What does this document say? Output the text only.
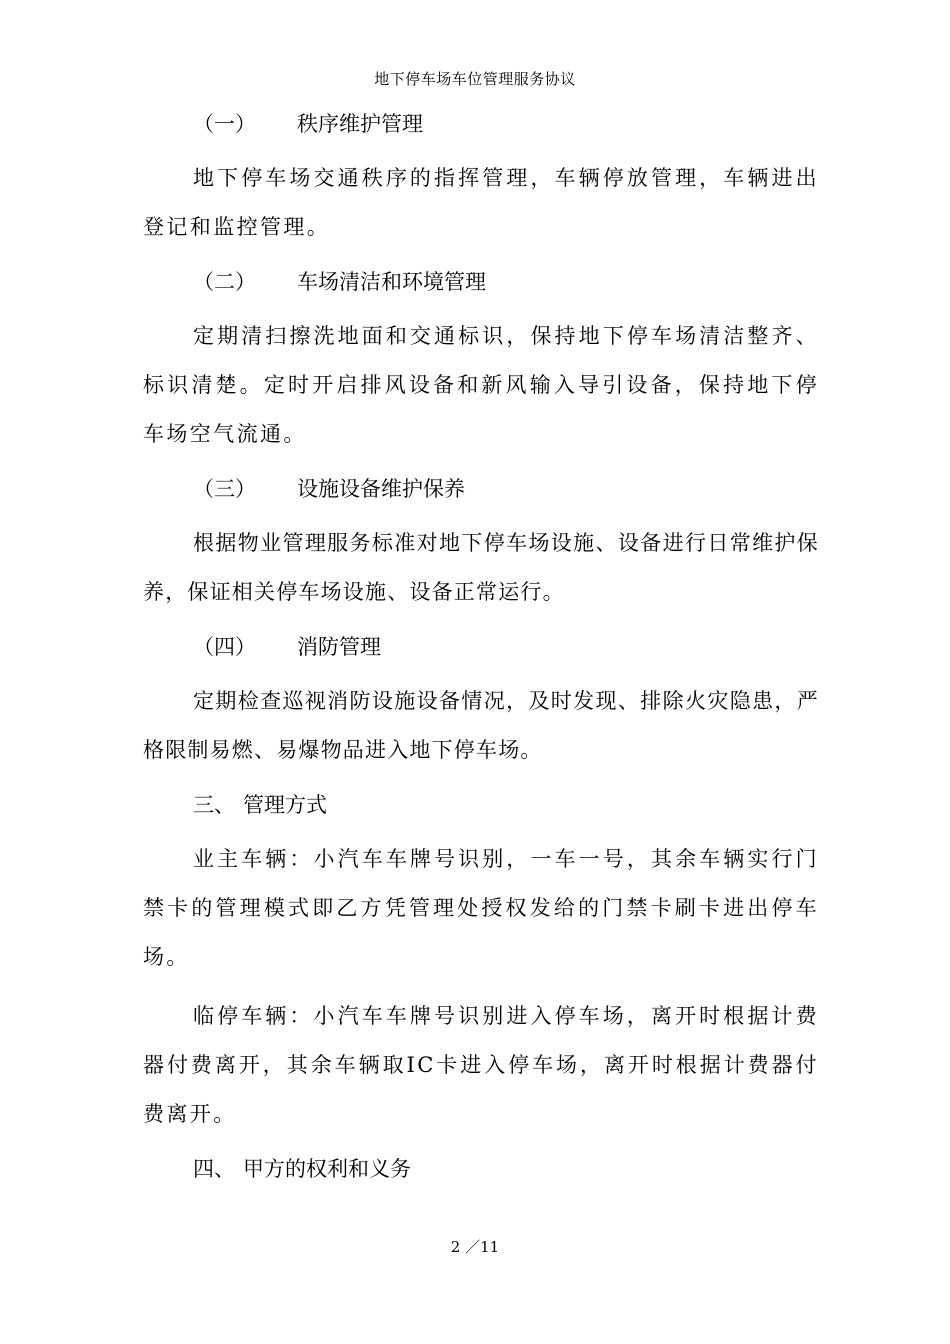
地下停车场车位管理服务协议
（一） 秩序维护管理

地下停车场交通秩序的指挥管理，车辆停放管理，车辆进出登记和监控管理。

（二） 车场清洁和环境管理

定期清扫擦洗地面和交通标识，保持地下停车场清洁整齐、标识清楚。定时开启排风设备和新风输入导引设备，保持地下停车场空气流通。

（三） 设施设备维护保养

根据物业管理服务标准对地下停车场设施、设备进行日常维护保养，保证相关停车场设施、设备正常运行。

（四） 消防管理

定期检查巡视消防设施设备情况，及时发现、排除火灾隐患，严格限制易燃、易爆物品进入地下停车场。

三、 管理方式

业主车辆：小汽车车牌号识别，一车一号，其余车辆实行门禁卡的管理模式即乙方凭管理处授权发给的门禁卡刷卡进出停车场。

临停车辆：小汽车车牌号识别进入停车场，离开时根据计费器付费离开，其余车辆取IC卡进入停车场，离开时根据计费器付费离开。

四、 甲方的权利和义务
2 ／11
